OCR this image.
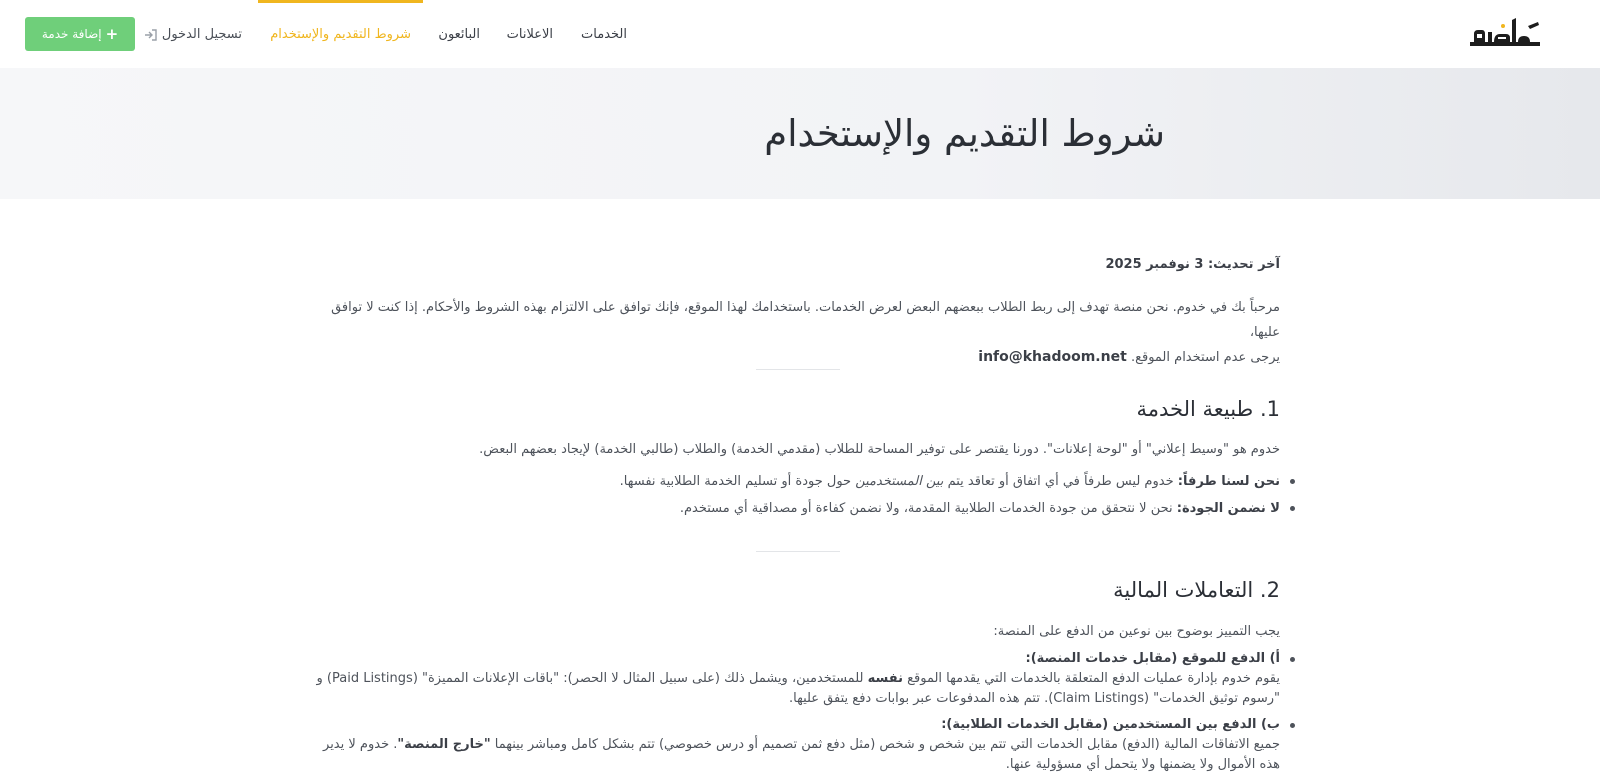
الخدمات
الاعلانات
البائعون
شروط التقديم والإستخدام
تسجيل الدخول
+
إضافة خدمة
شروط التقديم والإستخدام

آخر تحديث: 3 نوفمبر 2025

مرحباً بك في خدوم. نحن منصة تهدف إلى ربط الطلاب ببعضهم البعض لعرض الخدمات. باستخدامك لهذا الموقع، فإنك توافق على الالتزام بهذه الشروط والأحكام. إذا كنت لا توافق عليها،
يرجى عدم استخدام الموقع. info@khadoom.net

1. طبيعة الخدمة

خدوم هو "وسيط إعلاني" أو "لوحة إعلانات". دورنا يقتصر على توفير المساحة للطلاب (مقدمي الخدمة) والطلاب (طالبي الخدمة) لإيجاد بعضهم البعض.

نحن لسنا طرفاً: خدوم ليس طرفاً في أي اتفاق أو تعاقد يتم بين المستخدمين حول جودة أو تسليم الخدمة الطلابية نفسها.
لا نضمن الجودة: نحن لا نتحقق من جودة الخدمات الطلابية المقدمة، ولا نضمن كفاءة أو مصداقية أي مستخدم.
2. التعاملات المالية

يجب التمييز بوضوح بين نوعين من الدفع على المنصة:

أ) الدفع للموقع (مقابل خدمات المنصة):
يقوم خدوم بإدارة عمليات الدفع المتعلقة بالخدمات التي يقدمها الموقع نفسه للمستخدمين، ويشمل ذلك (على سبيل المثال لا الحصر): "باقات الإعلانات المميزة" (Paid Listings) و
"رسوم توثيق الخدمات" (Claim Listings). تتم هذه المدفوعات عبر بوابات دفع يتفق عليها.
ب) الدفع بين المستخدمين (مقابل الخدمات الطلابية):
جميع الاتفاقات المالية (الدفع) مقابل الخدمات التي تتم بين شخص و شخص (مثل دفع ثمن تصميم أو درس خصوصي) تتم بشكل كامل ومباشر بينهما "خارج المنصة". خدوم لا يدير
هذه الأموال ولا يضمنها ولا يتحمل أي مسؤولية عنها.
